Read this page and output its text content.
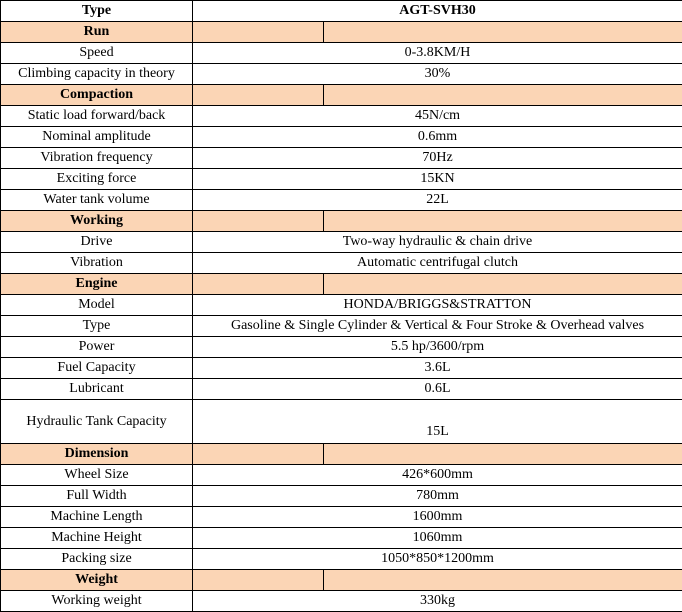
Type	AGT-SVH30	
Run		
Speed	0-3.8KM/H	
Climbing capacity in theory	30%	
Compaction		
Static load forward/back	45N/cm	
Nominal amplitude	0.6mm	
Vibration frequency	70Hz	
Exciting force	15KN	
Water tank volume	22L	
Working		
Drive	Two-way hydraulic & chain drive	
Vibration	Automatic centrifugal clutch	
Engine		
Model	HONDA/BRIGGS&STRATTON	
Type	Gasoline & Single Cylinder & Vertical & Four Stroke & Overhead valves	
Power	5.5 hp/3600/rpm	
Fuel Capacity	3.6L	
Lubricant	0.6L	
Hydraulic Tank Capacity	15L	
Dimension		
Wheel Size	426*600mm	
Full Width	780mm	
Machine Length	1600mm	
Machine Height	1060mm	
Packing size	1050*850*1200mm	
Weight		
Working weight	330kg	
